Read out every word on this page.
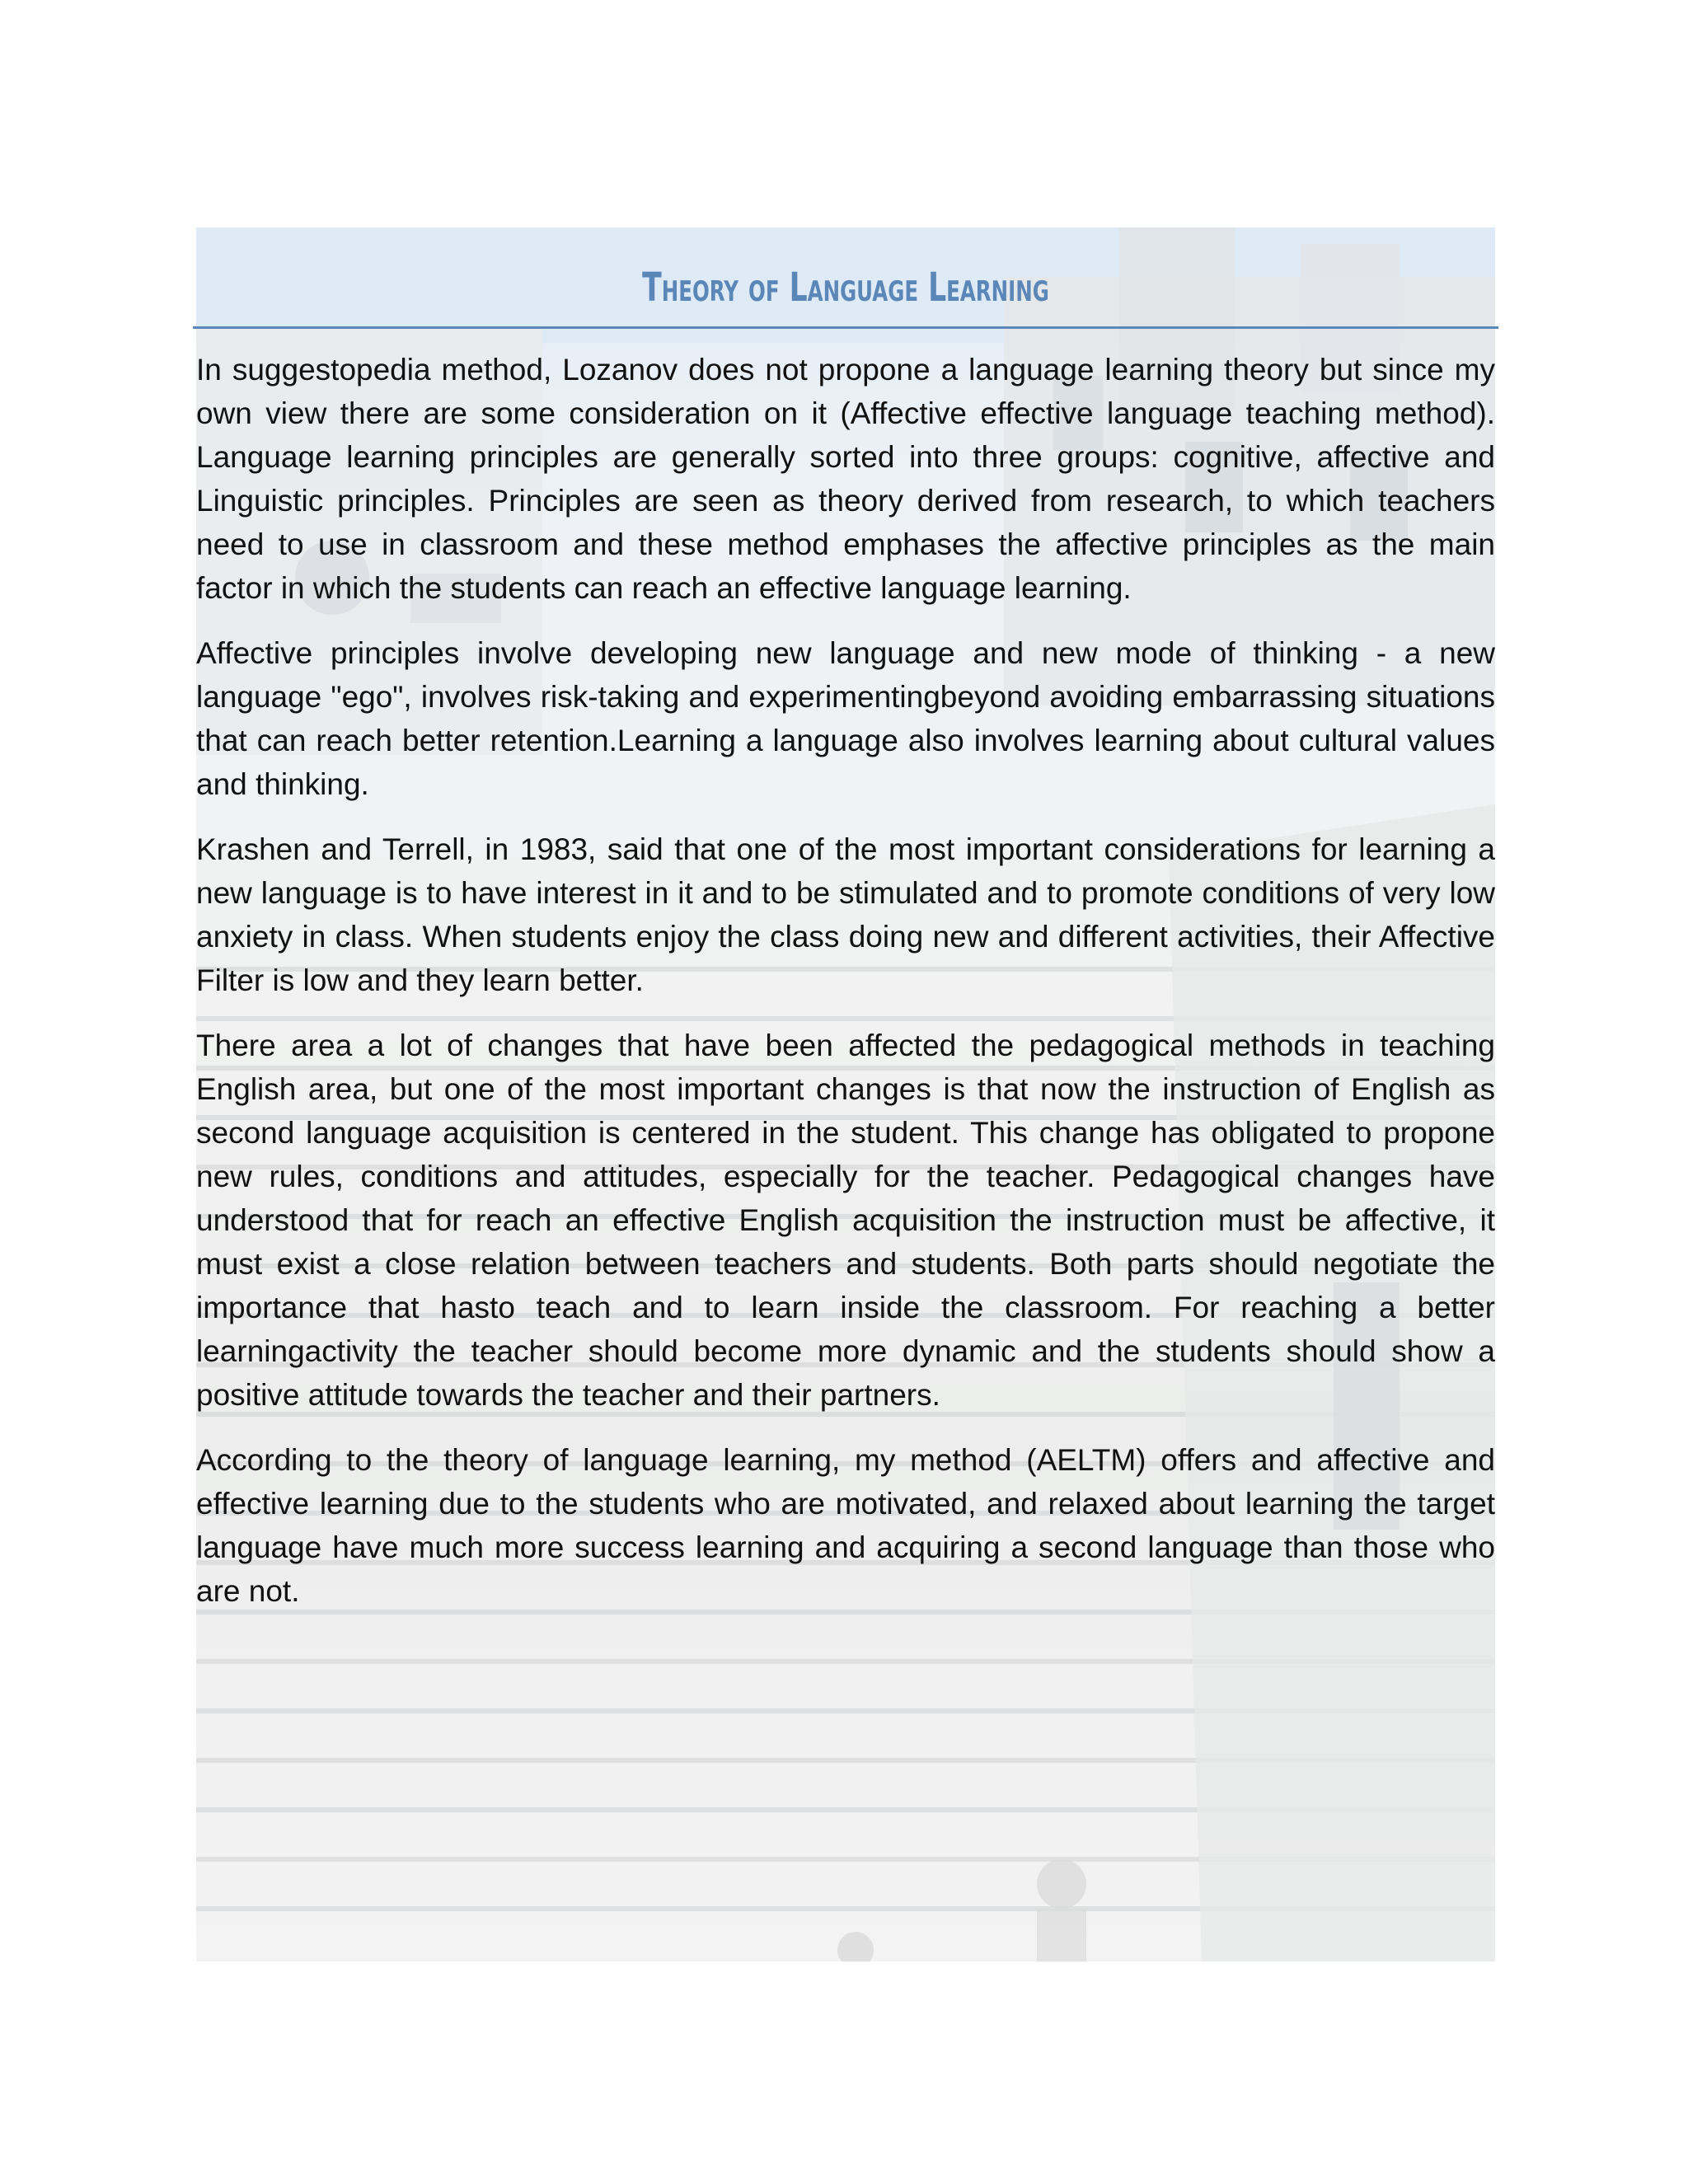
Theory of Language Learning

In suggestopedia method, Lozanov does not propone a language learning theory but since my own view there are some consideration on it (Affective effective language teaching method). Language learning principles are generally sorted into three groups: cognitive, affective and Linguistic principles. Principles are seen as theory derived from research, to which teachers need to use in classroom and these method emphases the affective principles as the main factor in which the students can reach an effective language learning.

Affective principles involve developing new language and new mode of thinking - a new language "ego", involves risk-taking and experimentingbeyond avoiding embarrassing situations that can reach better retention.Learning a language also involves learning about cultural values and thinking.

Krashen and Terrell, in 1983, said that one of the most important considerations for learning a new language is to have interest in it and to be stimulated and to promote conditions of very low anxiety in class. When students enjoy the class doing new and different activities, their Affective Filter is low and they learn better.

There area a lot of changes that have been affected the pedagogical methods in teaching English area, but one of the most important changes is that now the instruction of English as second language acquisition is centered in the student. This change has obligated to propone new rules, conditions and attitudes, especially for the teacher. Pedagogical changes have understood that for reach an effective English acquisition the instruction must be affective, it must exist a close relation between teachers and students. Both parts should negotiate the importance that hasto teach and to learn inside the classroom. For reaching a better learningactivity the teacher should become more dynamic and the students should show a positive attitude towards the teacher and their partners.

According to the theory of language learning, my method (AELTM) offers and affective and effective learning due to the students who are motivated, and relaxed about learning the target language have much more success learning and acquiring a second language than those who are not.
